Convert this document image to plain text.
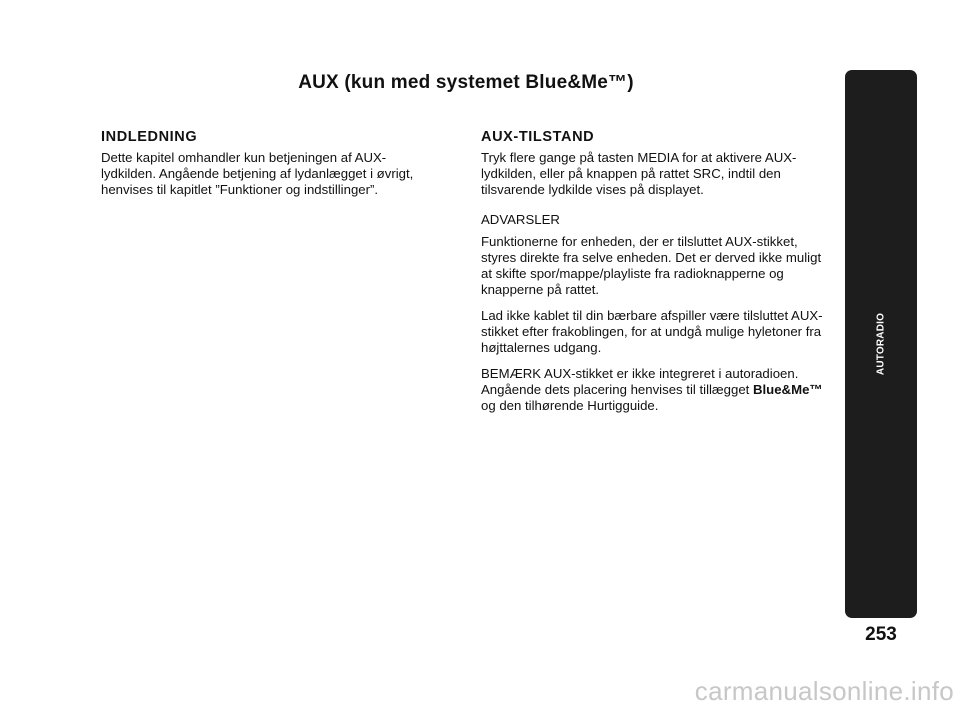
AUX (kun med systemet Blue&Me™)
INDLEDNING

Dette kapitel omhandler kun betjeningen af AUX-lydkilden. Angående betjening af lydanlægget i øvrigt, henvises til kapitlet ”Funktioner og indstillinger”.

AUX-TILSTAND

Tryk flere gange på tasten MEDIA for at aktivere AUX-lydkilden, eller på knappen på rattet SRC, indtil den tilsvarende lydkilde vises på displayet.

ADVARSLER

Funktionerne for enheden, der er tilsluttet AUX-stikket, styres direkte fra selve enheden. Det er derved ikke muligt at skifte spor/mappe/playliste fra radioknapperne og knapperne på rattet.

Lad ikke kablet til din bærbare afspiller være tilsluttet AUX-stikket efter frakoblingen, for at undgå mulige hyletoner fra højttalernes udgang.

BEMÆRK AUX-stikket er ikke integreret i autoradioen. Angående dets placering henvises til tillægget Blue&Me™ og den tilhørende Hurtigguide.

AUTORADIO
253
carmanualsonline.info
